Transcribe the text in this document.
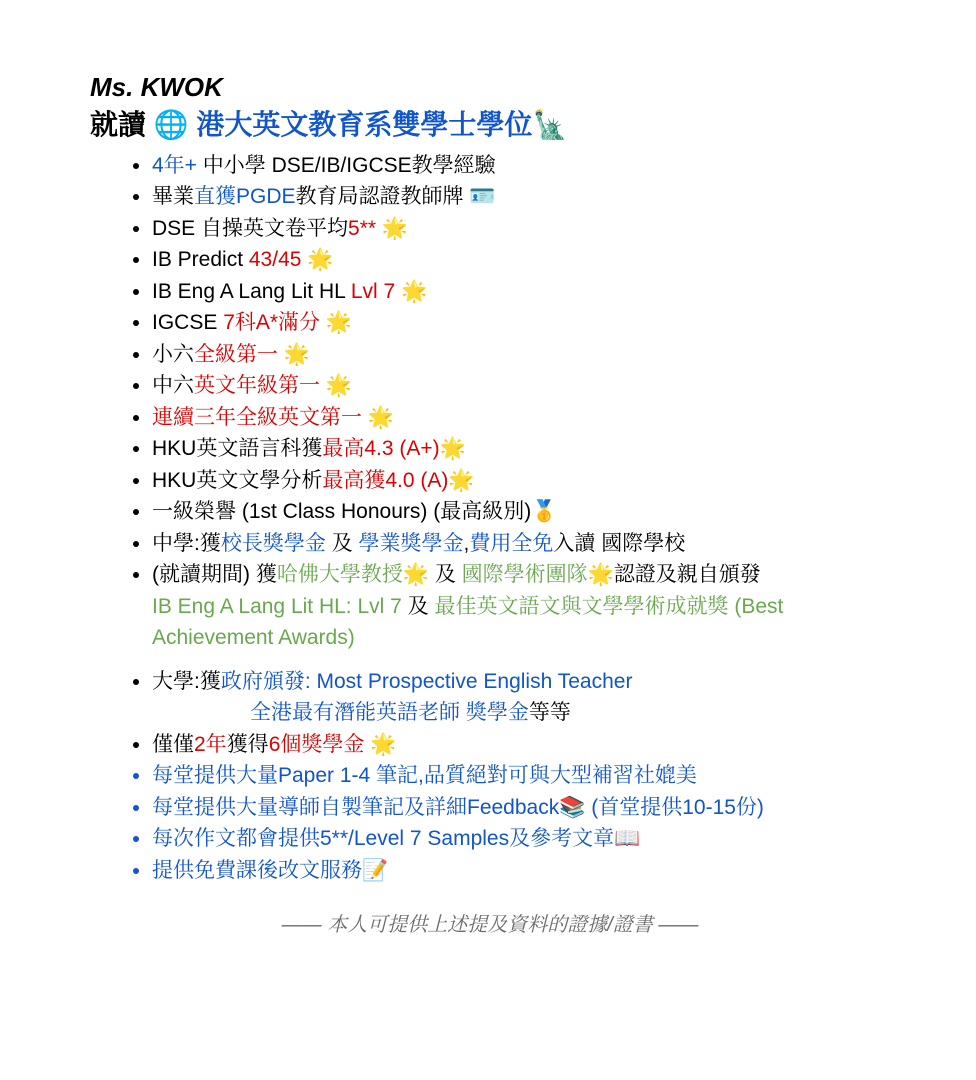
Ms. KWOK
就讀 🌐 港大英文教育系雙學士學位🗽
• 4年+ 中小學 DSE/IB/IGCSE教學經驗
• 畢業直獲PGDE教育局認證教師牌 🪪
• DSE 自操英文卷平均5** 🌟
• IB Predict 43/45 🌟
• IB Eng A Lang Lit HL Lvl 7 🌟
• IGCSE 7科A*滿分 🌟
• 小六全級第一 🌟
• 中六英文年級第一 🌟
• 連續三年全級英文第一 🌟
• HKU英文語言科獲最高4.3 (A+)🌟
• HKU英文文學分析最高獲4.0 (A)🌟
• 一級榮譽 (1st Class Honours) (最高級別)🥇
• 中學:獲校長獎學金 及 學業獎學金,費用全免入讀 國際學校
• (就讀期間) 獲哈佛大學教授🌟 及 國際學術團隊🌟認證及親自頒發
IB Eng A Lang Lit HL: Lvl 7 及 最佳英文語文與文學學術成就獎 (Best
Achievement Awards)
• 大學:獲政府頒發: Most Prospective English Teacher
全港最有潛能英語老師 獎學金等等
• 僅僅2年獲得6個獎學金 🌟
• 每堂提供大量Paper 1-4 筆記,品質絕對可與大型補習社媲美
• 每堂提供大量導師自製筆記及詳細Feedback📚 (首堂提供10-15份)
• 每次作文都會提供5**/Level 7 Samples及參考文章📖
• 提供免費課後改文服務📝
—— 本人可提供上述提及資料的證據/證書 ——
